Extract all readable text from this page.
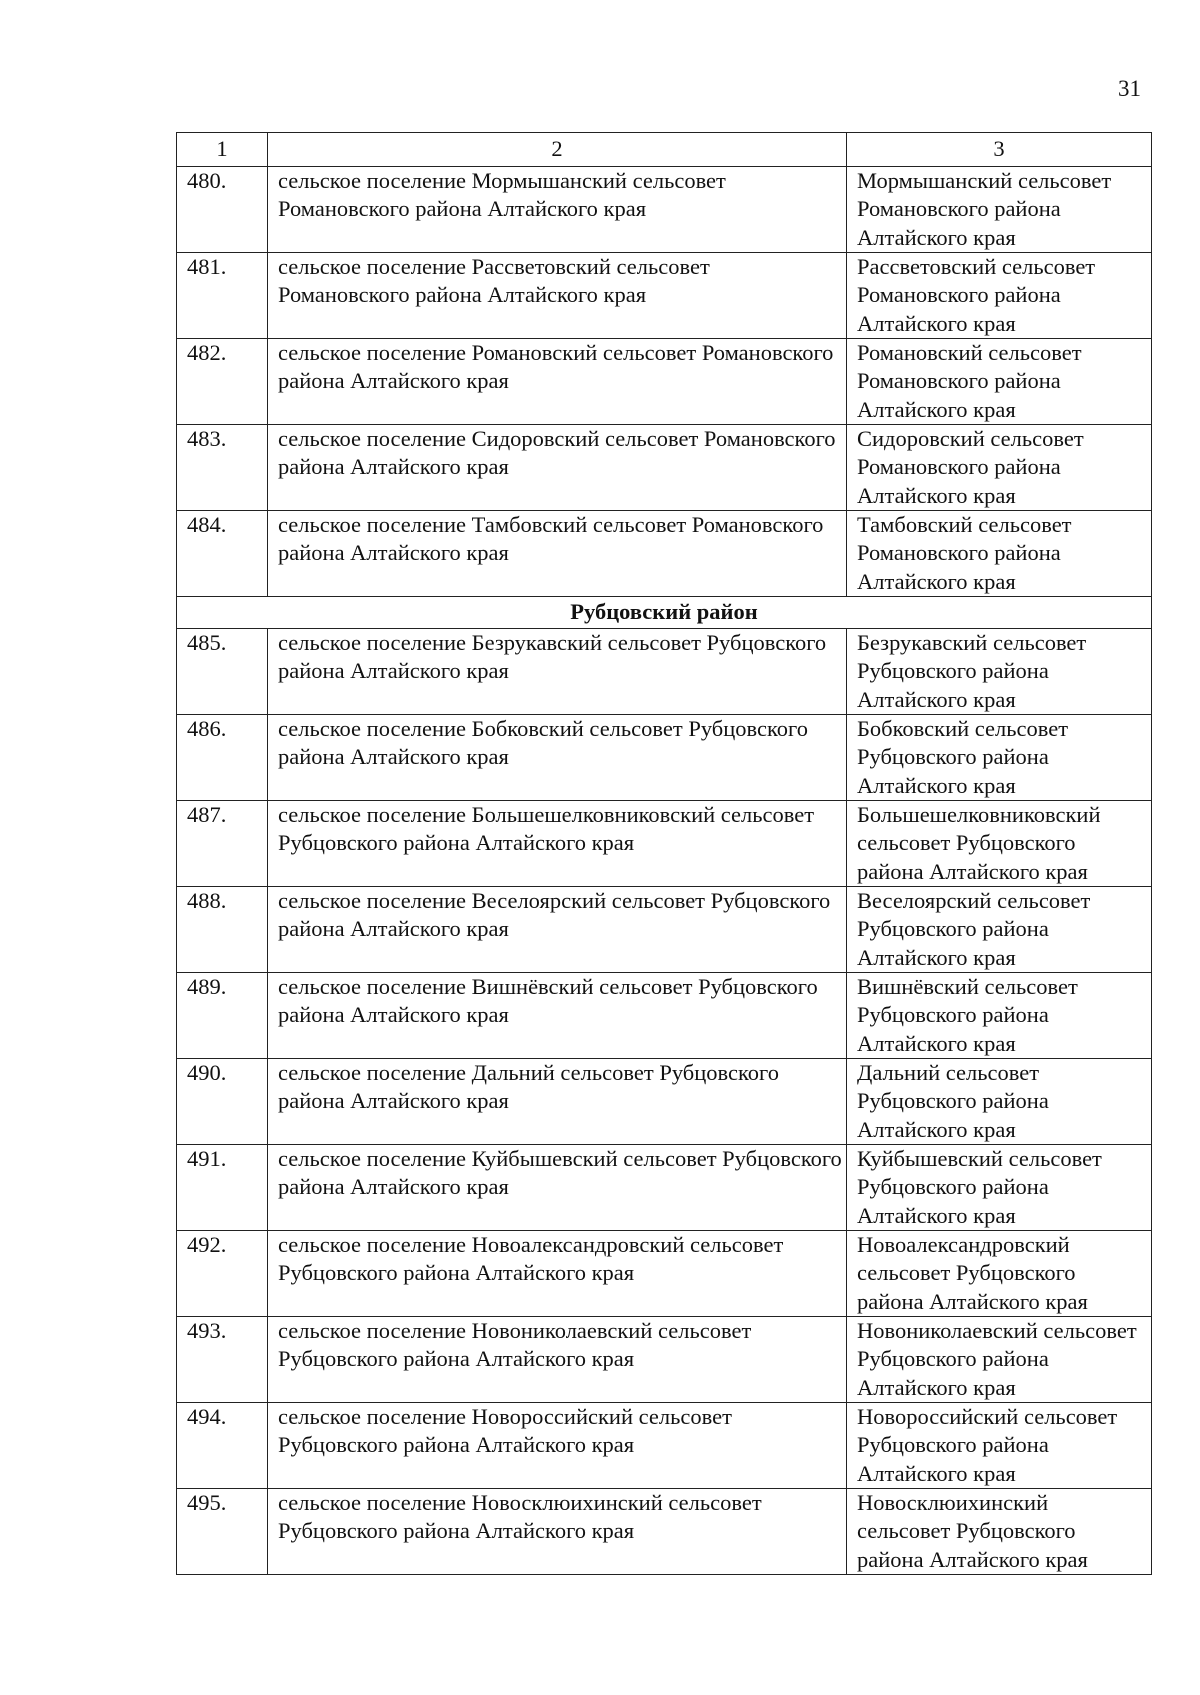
31
1	2	3
480.	сельское поселение Мормышанский сельсовет Романовского района Алтайского края	Мормышанский сельсовет Романовского района Алтайского края
481.	сельское поселение Рассветовский сельсовет Романовского района Алтайского края	Рассветовский сельсовет Романовского района Алтайского края
482.	сельское поселение Романовский сельсовет Романовского района Алтайского края	Романовский сельсовет Романовского района Алтайского края
483.	сельское поселение Сидоровский сельсовет Романовского района Алтайского края	Сидоровский сельсовет Романовского района Алтайского края
484.	сельское поселение Тамбовский сельсовет Романовского района Алтайского края	Тамбовский сельсовет Романовского района Алтайского края
Рубцовский район		
485.	сельское поселение Безрукавский сельсовет Рубцовского района Алтайского края	Безрукавский сельсовет Рубцовского района Алтайского края
486.	сельское поселение Бобковский сельсовет Рубцовского района Алтайского края	Бобковский сельсовет Рубцовского района Алтайского края
487.	сельское поселение Большешелковниковский сельсовет Рубцовского района Алтайского края	Большешелковниковский сельсовет Рубцовского района Алтайского края
488.	сельское поселение Веселоярский сельсовет Рубцовского района Алтайского края	Веселоярский сельсовет Рубцовского района Алтайского края
489.	сельское поселение Вишнёвский сельсовет Рубцовского района Алтайского края	Вишнёвский сельсовет Рубцовского района Алтайского края
490.	сельское поселение Дальний сельсовет Рубцовского района Алтайского края	Дальний сельсовет Рубцовского района Алтайского края
491.	сельское поселение Куйбышевский сельсовет Рубцовского района Алтайского края	Куйбышевский сельсовет Рубцовского района Алтайского края
492.	сельское поселение Новоалександровский сельсовет Рубцовского района Алтайского края	Новоалександровский сельсовет Рубцовского района Алтайского края
493.	сельское поселение Новониколаевский сельсовет Рубцовского района Алтайского края	Новониколаевский сельсовет Рубцовского района Алтайского края
494.	сельское поселение Новороссийский сельсовет Рубцовского района Алтайского края	Новороссийский сельсовет Рубцовского района Алтайского края
495.	сельское поселение Новосклюихинский сельсовет Рубцовского района Алтайского края	Новосклюихинский сельсовет Рубцовского района Алтайского края
